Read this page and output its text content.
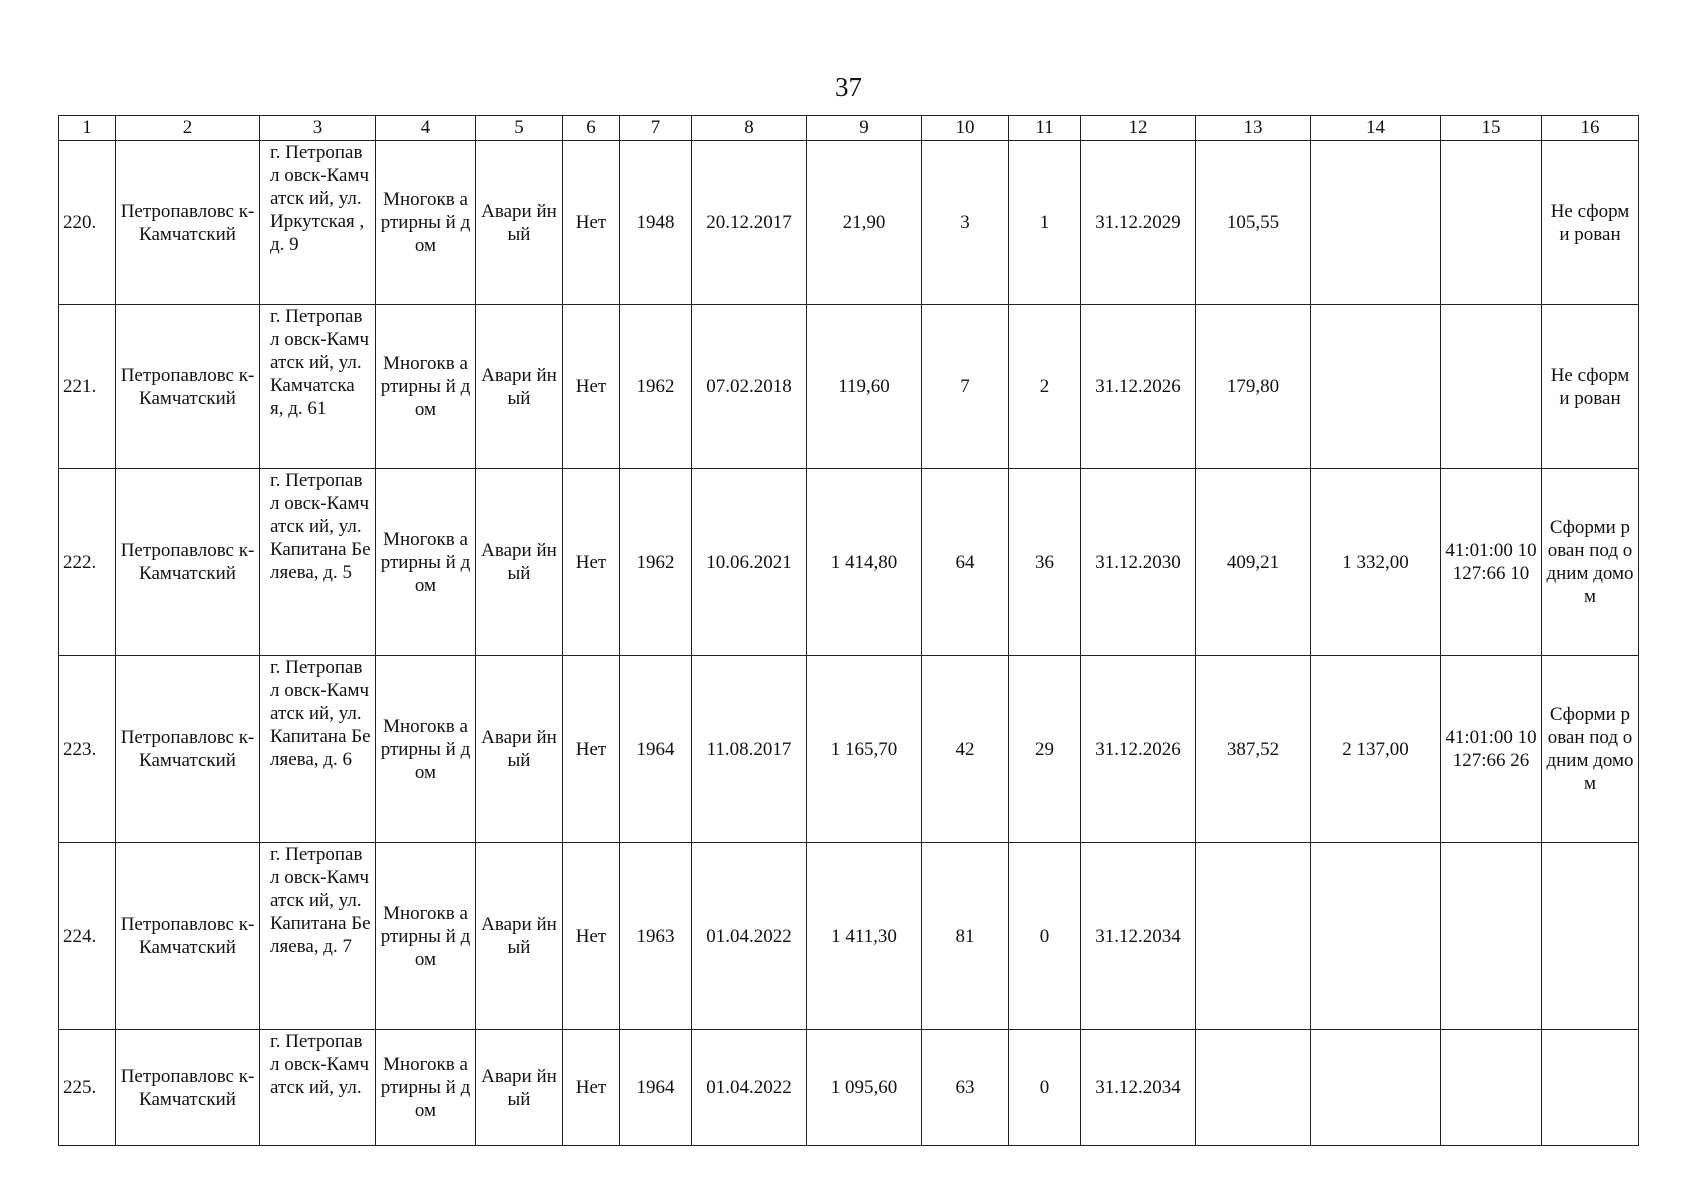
37
1	2	3	4	5	6	7	8	9	10	11	12	13	14	15	16
220.	Петропавловс к-Камчатский	г. Петропавл овск-Камчатск ий, ул. Иркутская , д. 9	Многокв артирны й дом	Авари йный	Нет	1948	20.12.2017	21,90	3	1	31.12.2029	105,55			Не сформи рован
221.	Петропавловс к-Камчатский	г. Петропавл овск-Камчатск ий, ул. Камчатска я, д. 61	Многокв артирны й дом	Авари йный	Нет	1962	07.02.2018	119,60	7	2	31.12.2026	179,80			Не сформи рован
222.	Петропавловс к-Камчатский	г. Петропавл овск-Камчатск ий, ул. Капитана Беляева, д. 5	Многокв артирны й дом	Авари йный	Нет	1962	10.06.2021	1 414,80	64	36	31.12.2030	409,21	1 332,00	41:01:00 10127:66 10	Сформи рован под одним домом
223.	Петропавловс к-Камчатский	г. Петропавл овск-Камчатск ий, ул. Капитана Беляева, д. 6	Многокв артирны й дом	Авари йный	Нет	1964	11.08.2017	1 165,70	42	29	31.12.2026	387,52	2 137,00	41:01:00 10127:66 26	Сформи рован под одним домом
224.	Петропавловс к-Камчатский	г. Петропавл овск-Камчатск ий, ул. Капитана Беляева, д. 7	Многокв артирны й дом	Авари йный	Нет	1963	01.04.2022	1 411,30	81	0	31.12.2034				
225.	Петропавловс к-Камчатский	г. Петропавл овск-Камчатск ий, ул.	Многокв артирны й дом	Авари йный	Нет	1964	01.04.2022	1 095,60	63	0	31.12.2034				
